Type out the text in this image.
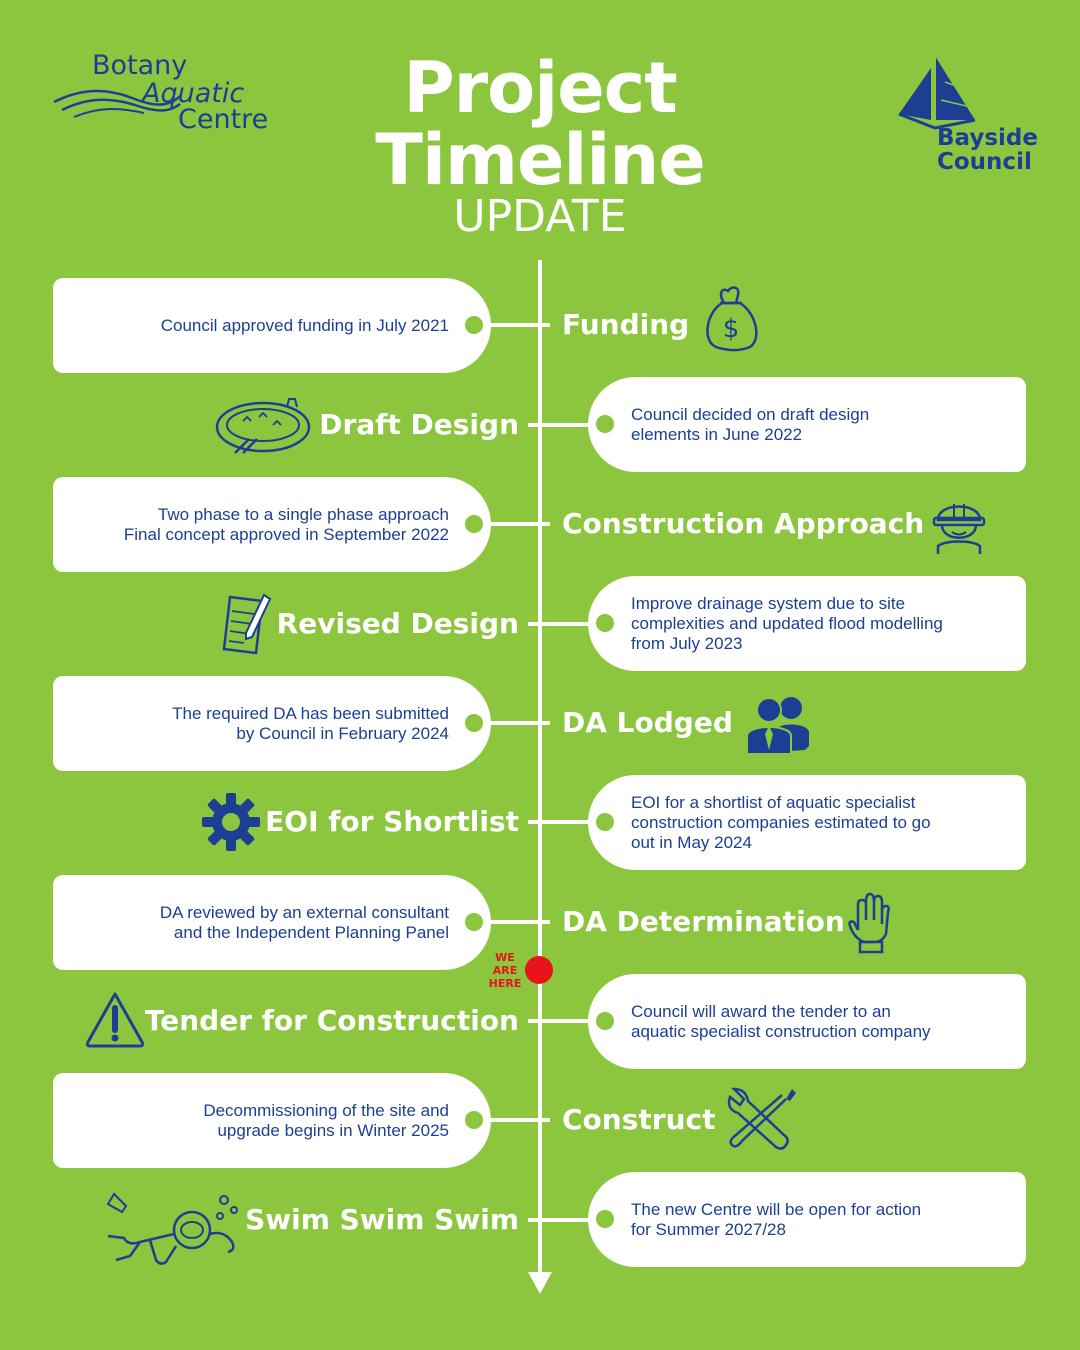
Botany
Aquatic
Centre	Project
Timeline
UPDATE
Bayside
Council
Council approved funding in July 2021	Funding $
Council decided on draft design
elements in June 2022
Draft Design
Two phase to a single phase approach
Final concept approved in September 2022	Construction Approach
Improve drainage system due to site
complexities and updated flood modelling
from July 2023
Revised Design
The required DA has been submitted
by Council in February 2024	DA Lodged
EOI for a shortlist of aquatic specialist
construction companies estimated to go
out in May 2024
EOI for Shortlist
DA reviewed by an external consultant
and the Independent Planning Panel	DA Determination
WE
ARE
HERE
Council will award the tender to an
aquatic specialist construction company
Tender for Construction
Decommissioning of the site and
upgrade begins in Winter 2025	Construct
The new Centre will be open for action
for Summer 2027/28
Swim Swim Swim
